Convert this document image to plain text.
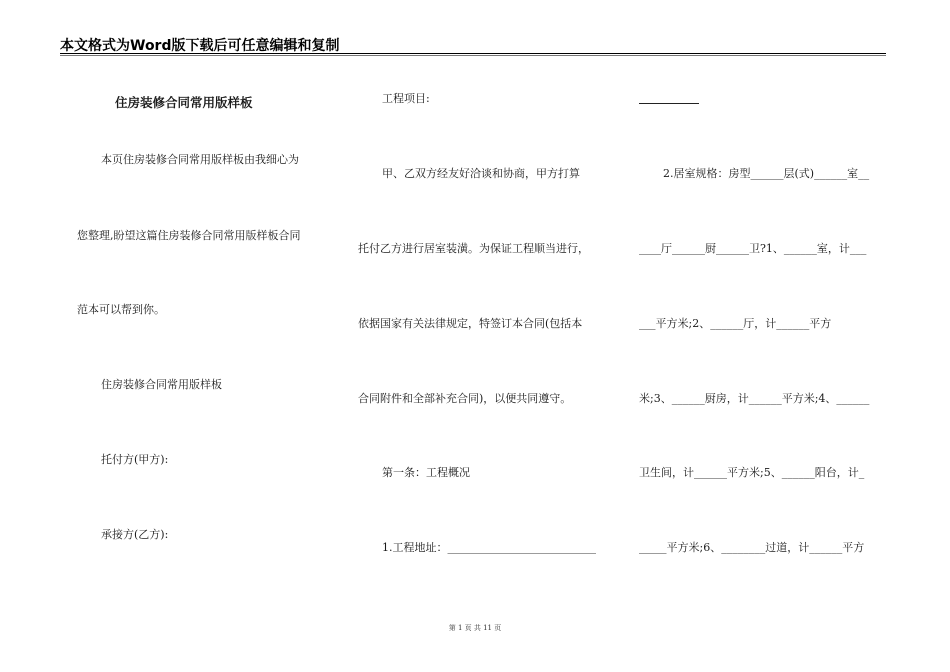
本文格式为Word版下载后可任意编辑和复制
住房装修合同常用版样板
本页住房装修合同常用版样板由我细心为
您整理,盼望这篇住房装修合同常用版样板合同
范本可以帮到你。
住房装修合同常用版样板
托付方(甲方):
承接方(乙方):
工程项目:
甲、乙双方经友好洽谈和协商，甲方打算
托付乙方进行居室装潢。为保证工程顺当进行，
依据国家有关法律规定，特签订本合同(包括本
合同附件和全部补充合同)，以便共同遵守。
第一条：工程概况
1.工程地址：___________________________
2.居室规格：房型______层(式)______室__
____厅______厨______卫?1、______室，计___
___平方米;2、______厅，计______平方
米;3、______厨房，计______平方米;4、______
卫生间，计______平方米;5、______阳台，计_
_____平方米;6、________过道，计______平方
第 1 页 共 11 页
